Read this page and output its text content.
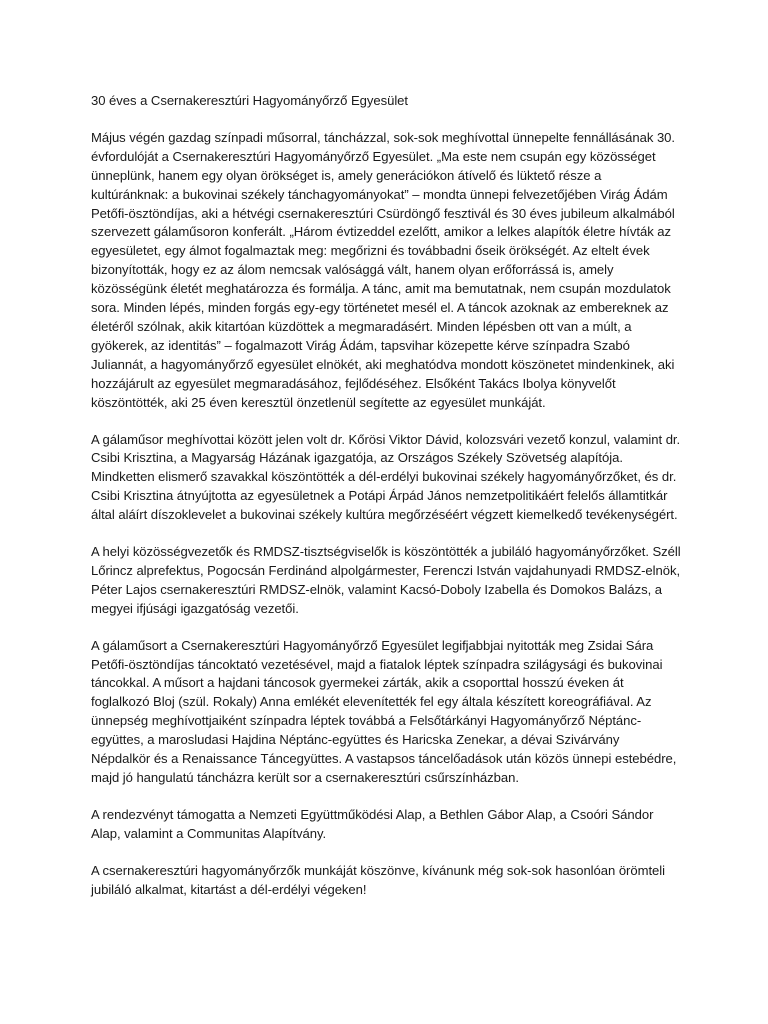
30 éves a Csernakeresztúri Hagyományőrző Egyesület

Május végén gazdag színpadi műsorral, táncházzal, sok-sok meghívottal ünnepelte fennállásának 30. évfordulóját a Csernakeresztúri Hagyományőrző Egyesület. „Ma este nem csupán egy közösséget ünneplünk, hanem egy olyan örökséget is, amely generációkon átívelő és lüktető része a kultúránknak: a bukovinai székely tánchagyományokat” – mondta ünnepi felvezetőjében Virág Ádám Petőfi-ösztöndíjas, aki a hétvégi csernakeresztúri Csürdöngő fesztivál és 30 éves jubileum alkalmából szervezett gálaműsoron konferált. „Három évtizeddel ezelőtt, amikor a lelkes alapítók életre hívták az egyesületet, egy álmot fogalmaztak meg: megőrizni és továbbadni őseik örökségét. Az eltelt évek bizonyították, hogy ez az álom nemcsak valósággá vált, hanem olyan erőforrássá is, amely közösségünk életét meghatározza és formálja. A tánc, amit ma bemutatnak, nem csupán mozdulatok sora. Minden lépés, minden forgás egy-egy történetet mesél el. A táncok azoknak az embereknek az életéről szólnak, akik kitartóan küzdöttek a megmaradásért. Minden lépésben ott van a múlt, a gyökerek, az identitás” – fogalmazott Virág Ádám, tapsvihar közepette kérve színpadra Szabó Juliannát, a hagyományőrző egyesület elnökét, aki meghatódva mondott köszönetet mindenkinek, aki hozzájárult az egyesület megmaradásához, fejlődéséhez. Elsőként Takács Ibolya könyvelőt köszöntötték, aki 25 éven keresztül önzetlenül segítette az egyesület munkáját.

A gálaműsor meghívottai között jelen volt dr. Kőrösi Viktor Dávid, kolozsvári vezető konzul, valamint dr. Csibi Krisztina, a Magyarság Házának igazgatója, az Országos Székely Szövetség alapítója. Mindketten elismerő szavakkal köszöntötték a dél-erdélyi bukovinai székely hagyományőrzőket, és dr. Csibi Krisztina átnyújtotta az egyesületnek a Potápi Árpád János nemzetpolitikáért felelős államtitkár által aláírt díszoklevelet a bukovinai székely kultúra megőrzéséért végzett kiemelkedő tevékenységért.

A helyi közösségvezetők és RMDSZ-tisztségviselők is köszöntötték a jubiláló hagyományőrzőket. Széll Lőrincz alprefektus, Pogocsán Ferdinánd alpolgármester, Ferenczi István vajdahunyadi RMDSZ-elnök, Péter Lajos csernakeresztúri RMDSZ-elnök, valamint Kacsó-Doboly Izabella és Domokos Balázs, a megyei ifjúsági igazgatóság vezetői.

A gálaműsort a Csernakeresztúri Hagyományőrző Egyesület legifjabbjai nyitották meg Zsidai Sára Petőfi-ösztöndíjas táncoktató vezetésével, majd a fiatalok léptek színpadra szilágysági és bukovinai táncokkal. A műsort a hajdani táncosok gyermekei zárták, akik a csoporttal hosszú éveken át foglalkozó Bloj (szül. Rokaly) Anna emlékét elevenítették fel egy általa készített koreográfiával. Az ünnepség meghívottjaiként színpadra léptek továbbá a Felsőtárkányi Hagyományőrző Néptánc-együttes, a marosludasi Hajdina Néptánc-együttes és Haricska Zenekar, a dévai Szivárvány Népdalkör és a Renaissance Táncegyüttes. A vastapsos táncelőadások után közös ünnepi estebédre, majd jó hangulatú táncházra került sor a csernakeresztúri csűrszínházban.

A rendezvényt támogatta a Nemzeti Együttműködési Alap, a Bethlen Gábor Alap, a Csoóri Sándor Alap, valamint a Communitas Alapítvány.

A csernakeresztúri hagyományőrzők munkáját köszönve, kívánunk még sok-sok hasonlóan örömteli jubiláló alkalmat, kitartást a dél-erdélyi végeken!
